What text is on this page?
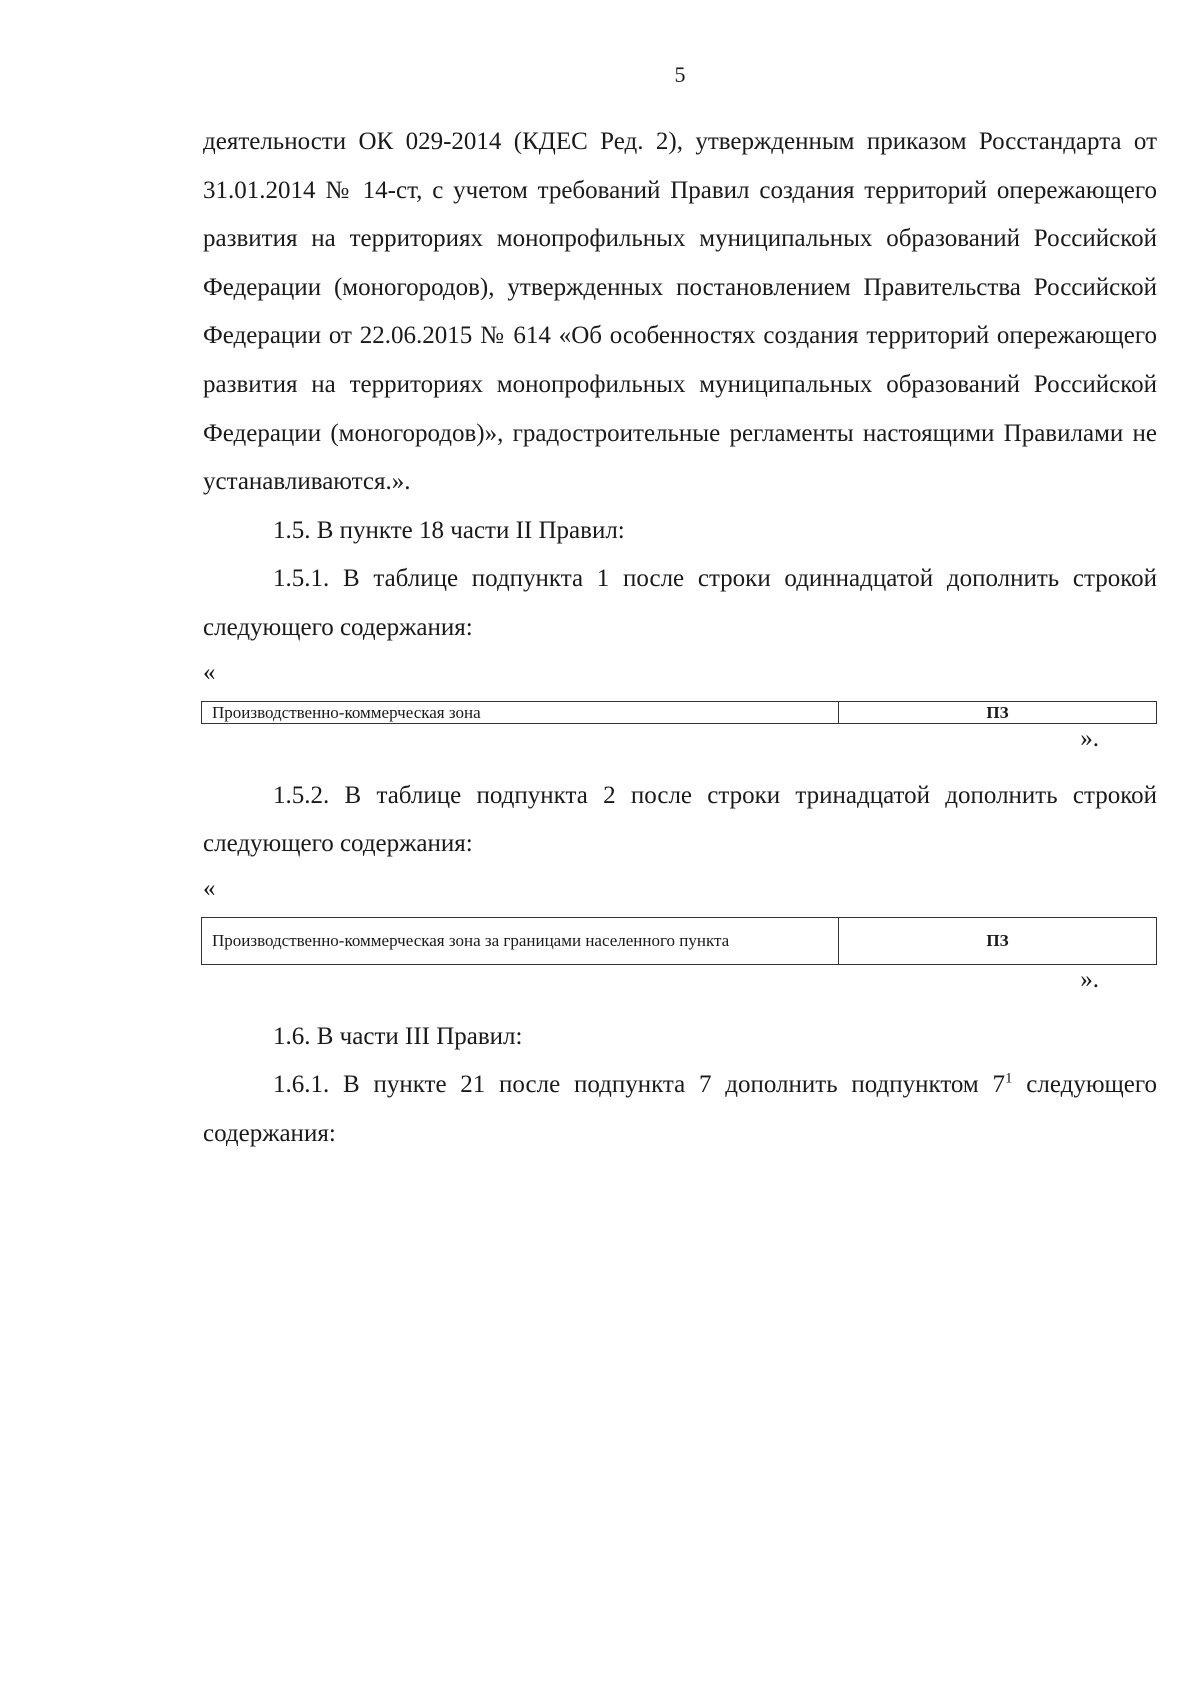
5

деятельности ОК 029-2014 (КДЕС Ред. 2), утвержденным приказом Росстандарта от 31.01.2014 № 14-ст, с учетом требований Правил создания территорий опережающего развития на территориях монопрофильных муниципальных образований Российской Федерации (моногородов), утвержденных постановлением Правительства Российской Федерации от 22.06.2015 № 614 «Об особенностях создания территорий опережающего развития на территориях монопрофильных муниципальных образований Российской Федерации (моногородов)», градостроительные регламенты настоящими Правилами не устанавливаются.».

1.5. В пункте 18 части II Правил:

1.5.1. В таблице подпункта 1 после строки одиннадцатой дополнить строкой следующего содержания:

«

Производственно-коммерческая зона	ПЗ

».

1.5.2. В таблице подпункта 2 после строки тринадцатой дополнить строкой следующего содержания:

«

Производственно-коммерческая зона за границами населенного пункта	ПЗ

».

1.6. В части III Правил:

1.6.1. В пункте 21 после подпункта 7 дополнить подпунктом $7^1$ следующего содержания:
